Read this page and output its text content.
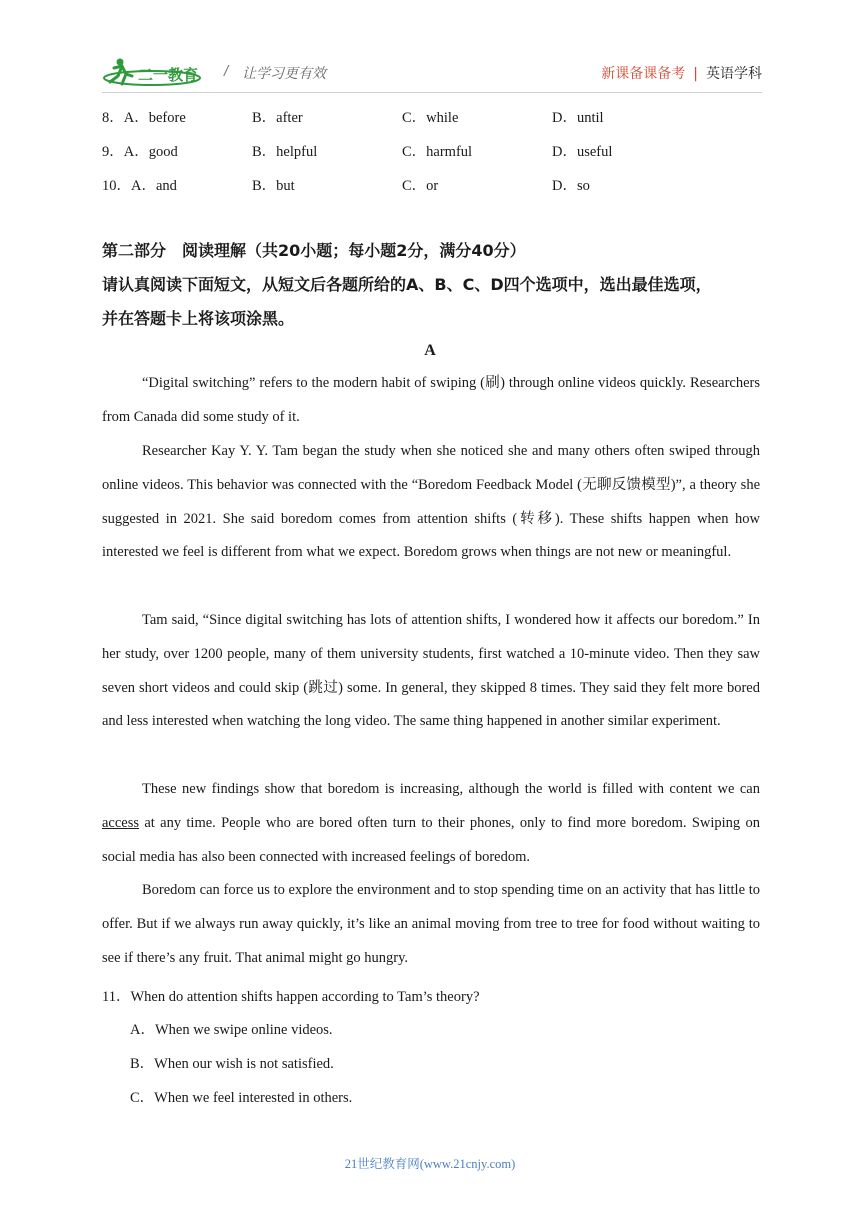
二一教育 / 让学习更有效	新课备课备考 | 英语学科
8．A．before	B．after	C．while	D．until
9．A．good	B．helpful	C．harmful	D．useful
10．A．and	B．but	C．or	D．so
第二部分　阅读理解（共20小题；每小题2分，满分40分）
请认真阅读下面短文，从短文后各题所给的A、B、C、D四个选项中，选出最佳选项，
并在答题卡上将该项涂黑。
A

“Digital switching” refers to the modern habit of swiping (刷) through online videos quickly. Researchers from Canada did some study of it.

Researcher Kay Y. Y. Tam began the study when she noticed she and many others often swiped through online videos. This behavior was connected with the “Boredom Feedback Model (无聊反馈模型)”, a theory she suggested in 2021. She said boredom comes from attention shifts (转移). These shifts happen when how interested we feel is different from what we expect. Boredom grows when things are not new or meaningful.

Tam said, “Since digital switching has lots of attention shifts, I wondered how it affects our boredom.” In her study, over 1200 people, many of them university students, first watched a 10-minute video. Then they saw seven short videos and could skip (跳过) some. In general, they skipped 8 times. They said they felt more bored and less interested when watching the long video. The same thing happened in another similar experiment.

These new findings show that boredom is increasing, although the world is filled with content we can access at any time. People who are bored often turn to their phones, only to find more boredom. Swiping on social media has also been connected with increased feelings of boredom.

Boredom can force us to explore the environment and to stop spending time on an activity that has little to offer. But if we always run away quickly, it’s like an animal moving from tree to tree for food without waiting to see if there’s any fruit. That animal might go hungry.

11．When do attention shifts happen according to Tam’s theory?
A．When we swipe online videos.
B．When our wish is not satisfied.
C．When we feel interested in others.
21世纪教育网(www.21cnjy.com)
